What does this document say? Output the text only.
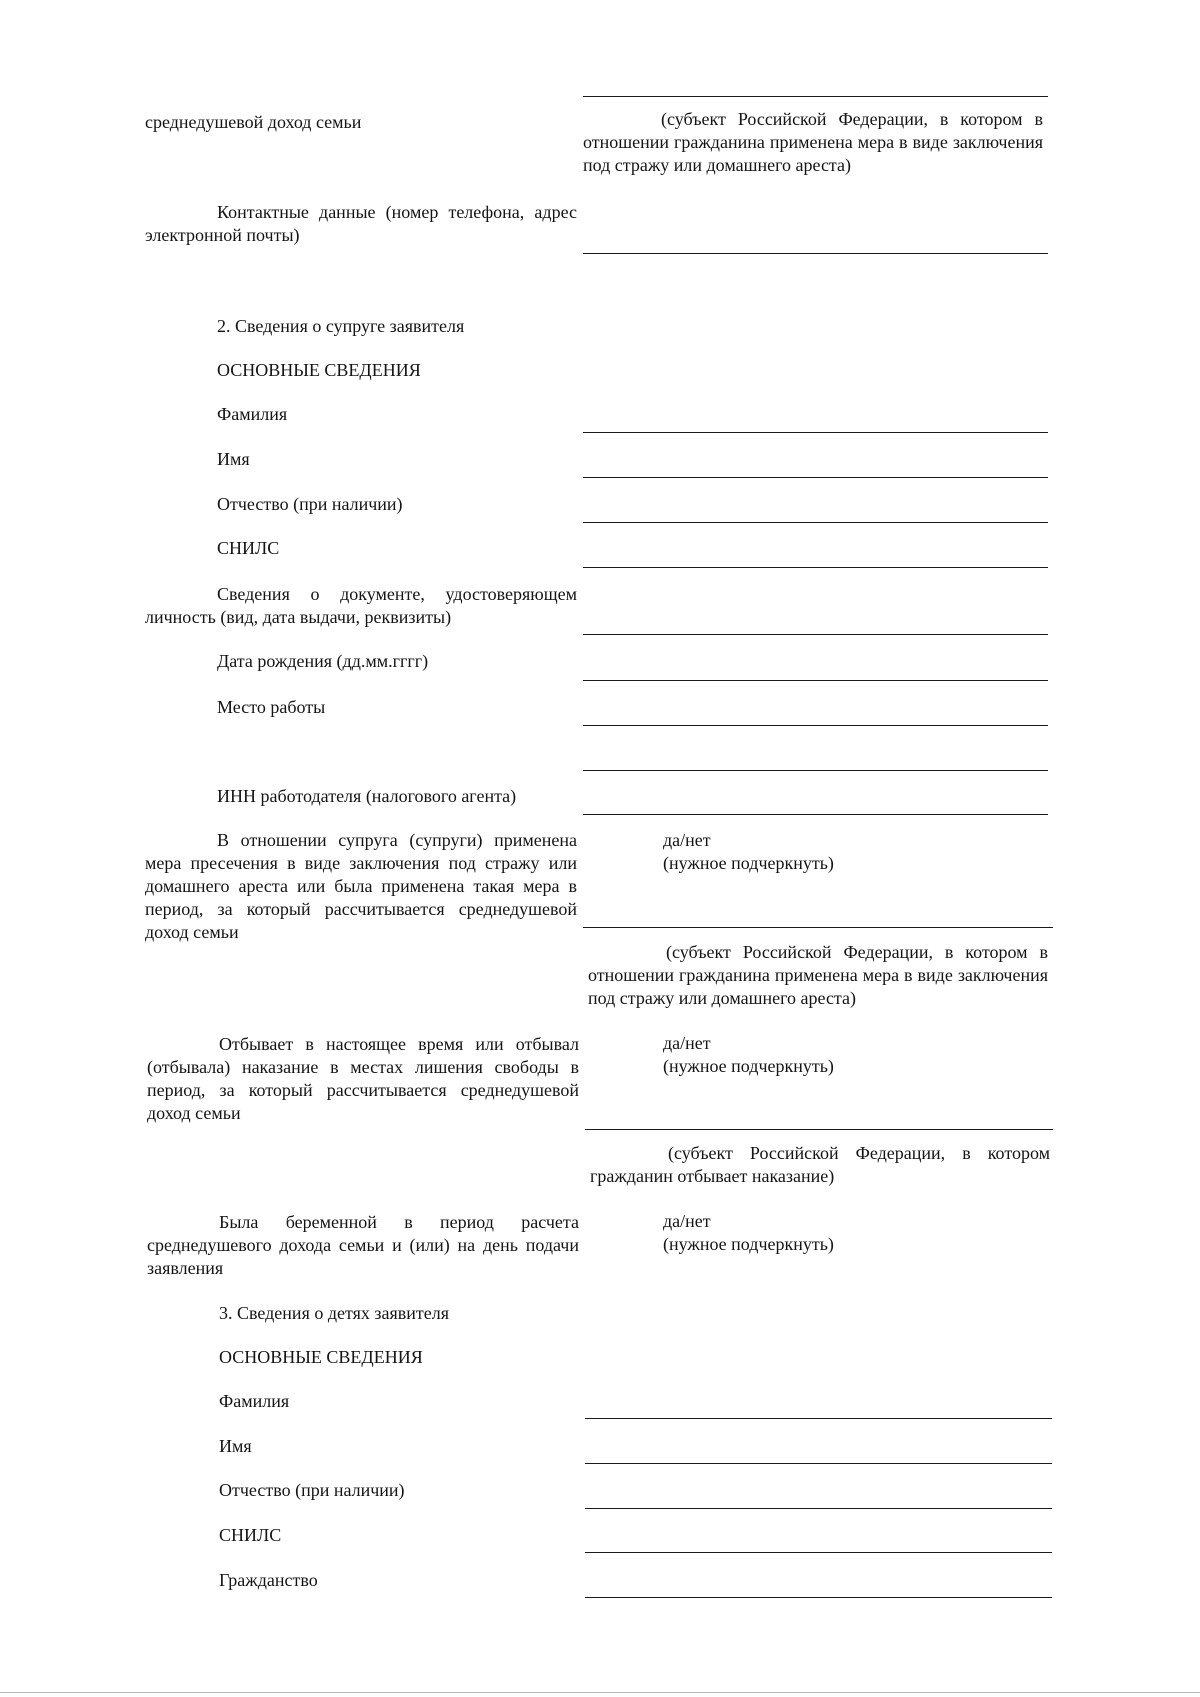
среднедушевой доход семьи	(субъект Российской Федерации, в котором в отношении гражданина применена мера в виде заключения под стражу или домашнего ареста)
Контактные данные (номер телефона, адрес электронной почты)
2. Сведения о супруге заявителя
ОСНОВНЫЕ СВЕДЕНИЯ
Фамилия
Имя
Отчество (при наличии)
СНИЛС
Сведения о документе, удостоверяющем личность (вид, дата выдачи, реквизиты)
Дата рождения (дд.мм.гггг)
Место работы
ИНН работодателя (налогового агента)
В отношении супруга (супруги) применена мера пресечения в виде заключения под стражу или домашнего ареста или была применена такая мера в период, за который рассчитывается среднедушевой доход семьи
да/нет
(нужное подчеркнуть)
(субъект Российской Федерации, в котором в отношении гражданина применена мера в виде заключения под стражу или домашнего ареста)
Отбывает в настоящее время или отбывал (отбывала) наказание в местах лишения свободы в период, за который рассчитывается среднедушевой доход семьи
да/нет
(нужное подчеркнуть)
(субъект Российской Федерации, в котором гражданин отбывает наказание)
Была беременной в период расчета среднедушевого дохода семьи и (или) на день подачи заявления
да/нет
(нужное подчеркнуть)
3. Сведения о детях заявителя
ОСНОВНЫЕ СВЕДЕНИЯ
Фамилия
Имя
Отчество (при наличии)
СНИЛС
Гражданство
